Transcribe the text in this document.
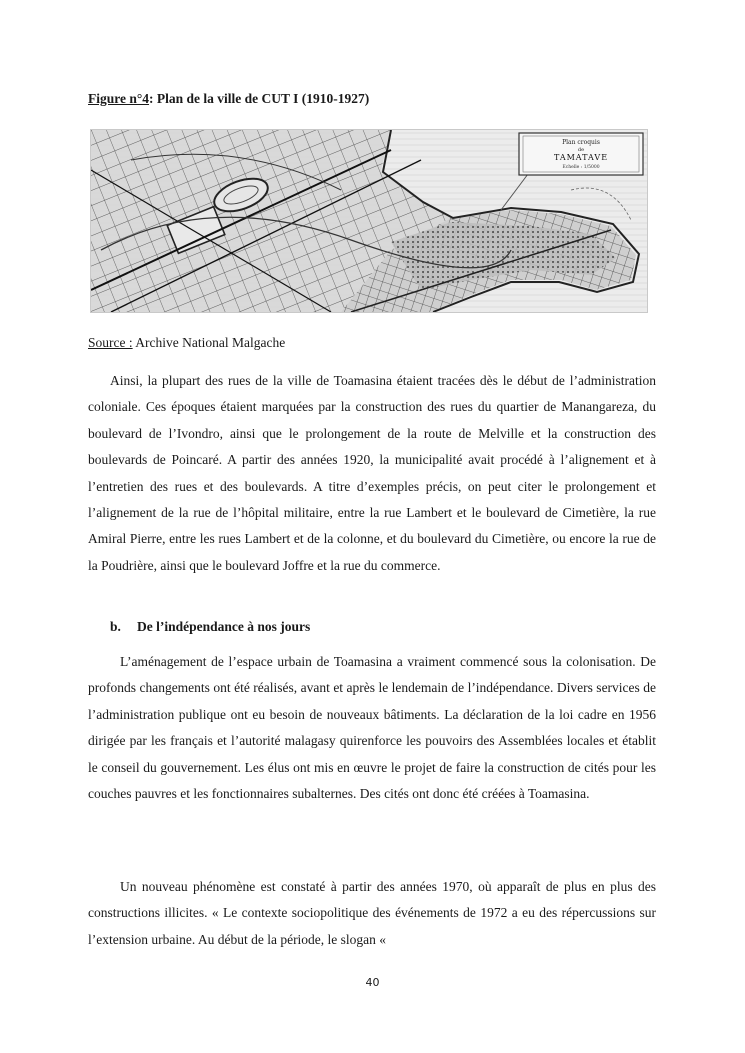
Figure n°4: Plan de la ville de CUT I (1910-1927)
Plan croquis
de
TAMATAVE
Echelle : 1/5000
Source : Archive National Malgache

Ainsi, la plupart des rues de la ville de Toamasina étaient tracées dès le début de l’administration coloniale. Ces époques étaient marquées par la construction des rues du quartier de Manangareza, du boulevard de l’Ivondro, ainsi que le prolongement de la route de Melville et la construction des boulevards de Poincaré. A partir des années 1920, la municipalité avait procédé à l’alignement et à l’entretien des rues et des boulevards. A titre d’exemples précis, on peut citer le prolongement et l’alignement de la rue de l’hôpital militaire, entre la rue Lambert et le boulevard de Cimetière, la rue Amiral Pierre, entre les rues Lambert et de la colonne, et du boulevard du Cimetière, ou encore la rue de la Poudrière, ainsi que le boulevard Joffre et la rue du commerce.

b. De l’indépendance à nos jours

L’aménagement de l’espace urbain de Toamasina a vraiment commencé sous la colonisation. De profonds changements ont été réalisés, avant et après le lendemain de l’indépendance. Divers services de l’administration publique ont eu besoin de nouveaux bâtiments. La déclaration de la loi cadre en 1956 dirigée par les français et l’autorité malagasy quirenforce les pouvoirs des Assemblées locales et établit le conseil du gouvernement. Les élus ont mis en œuvre le projet de faire la construction de cités pour les couches pauvres et les fonctionnaires subalternes. Des cités ont donc été créées à Toamasina.

Un nouveau phénomène est constaté à partir des années 1970, où apparaît de plus en plus des constructions illicites. « Le contexte sociopolitique des événements de 1972 a eu des répercussions sur l’extension urbaine. Au début de la période, le slogan «

40
